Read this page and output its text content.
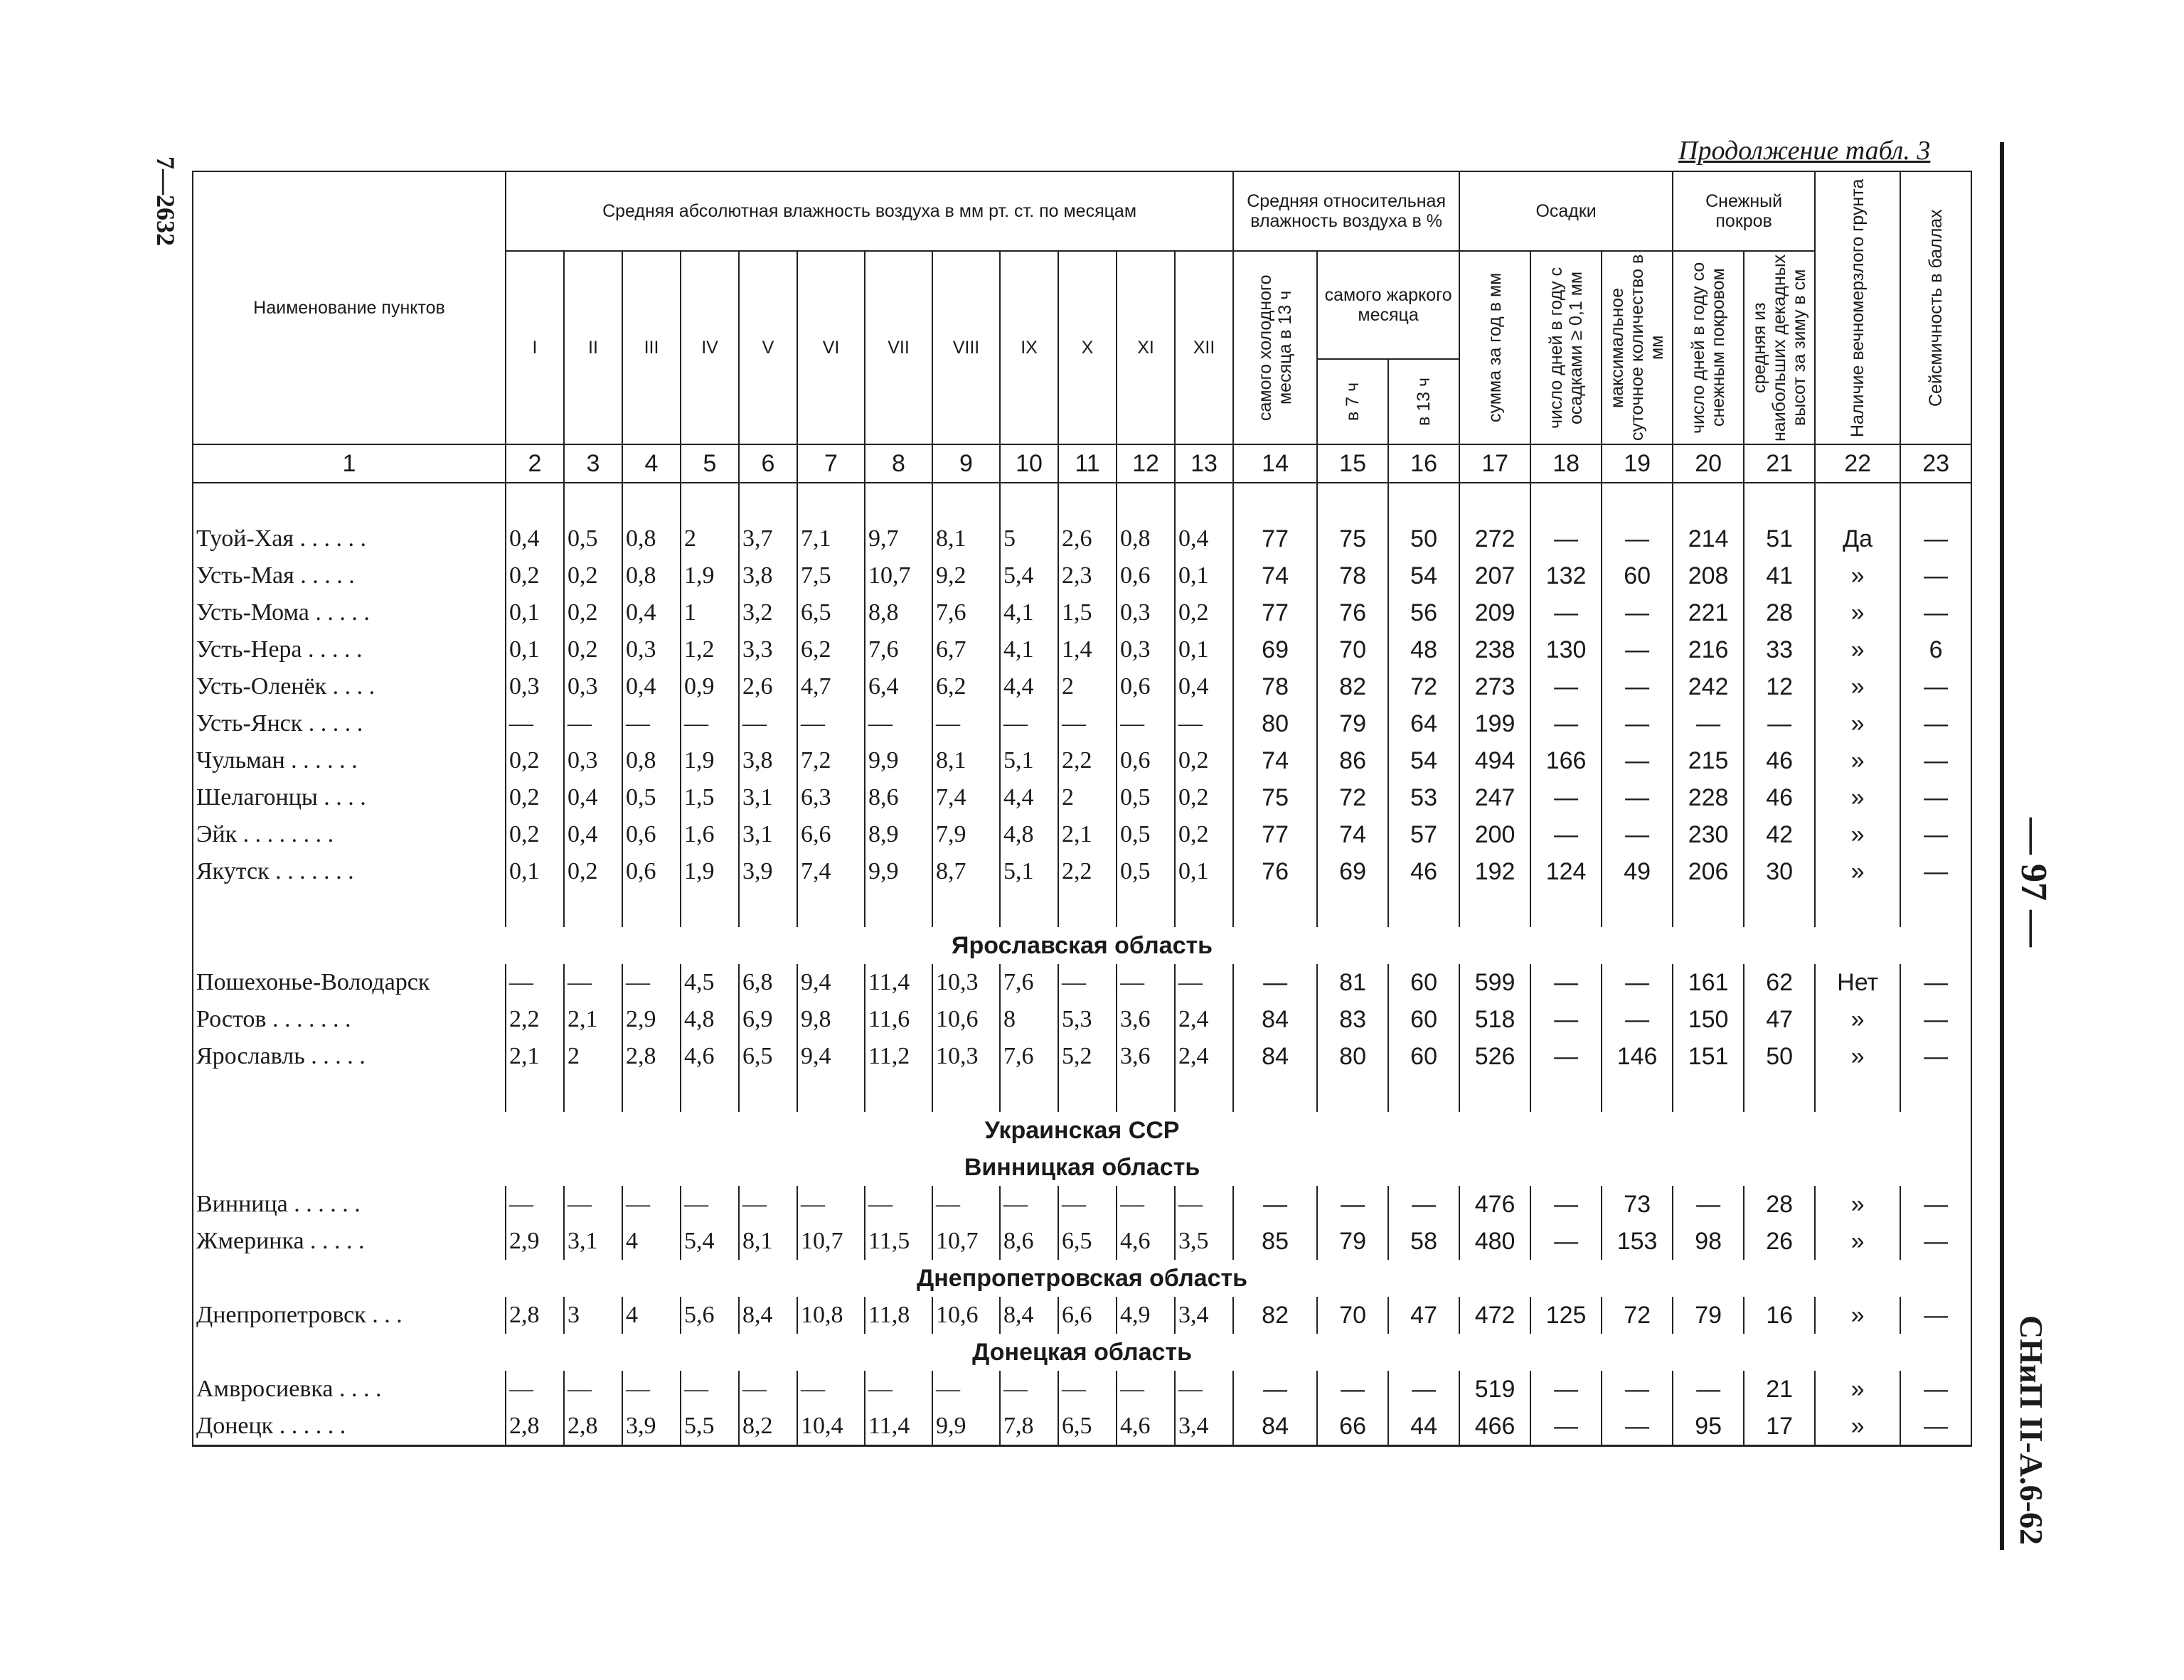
Продолжение табл. 3
7—2632
— 97 —
СНиП II-А.6-62
Наименование пунктов	Средняя абсолютная влажность воздуха в мм рт. ст. по месяцам												Средняя относительная влажность воздуха в %			Осадки			Снежный покров		Наличие вечномерзлого грунта	Сейсмичность в баллах
	I	II	III	IV	V	VI	VII	VIII	IX	X	XI	XII	самого холодного месяца в 13 ч	самого жаркого месяца		сумма за год в мм	число дней в году с осадками ≥ 0,1 мм	максимальное суточное количество в мм	число дней в году со снежным покровом	средняя из наибольших декадных высот за зиму в см		
														в 7 ч	в 13 ч							
1	2	3	4	5	6	7	8	9	10	11	12	13	14	15	16	17	18	19	20	21	22	23

Туой-Хая . . . . . .	0,4	0,5	0,8	2	3,7	7,1	9,7	8,1	5	2,6	0,8	0,4	77	75	50	272	—	—	214	51	Да	—
Усть-Мая . . . . .	0,2	0,2	0,8	1,9	3,8	7,5	10,7	9,2	5,4	2,3	0,6	0,1	74	78	54	207	132	60	208	41	»	—
Усть-Мома . . . . .	0,1	0,2	0,4	1	3,2	6,5	8,8	7,6	4,1	1,5	0,3	0,2	77	76	56	209	—	—	221	28	»	—
Усть-Нера . . . . .	0,1	0,2	0,3	1,2	3,3	6,2	7,6	6,7	4,1	1,4	0,3	0,1	69	70	48	238	130	—	216	33	»	6
Усть-Оленёк . . . .	0,3	0,3	0,4	0,9	2,6	4,7	6,4	6,2	4,4	2	0,6	0,4	78	82	72	273	—	—	242	12	»	—
Усть-Янск . . . . .	—	—	—	—	—	—	—	—	—	—	—	—	80	79	64	199	—	—	—	—	»	—
Чульман . . . . . .	0,2	0,3	0,8	1,9	3,8	7,2	9,9	8,1	5,1	2,2	0,6	0,2	74	86	54	494	166	—	215	46	»	—
Шелагонцы . . . .	0,2	0,4	0,5	1,5	3,1	6,3	8,6	7,4	4,4	2	0,5	0,2	75	72	53	247	—	—	228	46	»	—
Эйк . . . . . . . .	0,2	0,4	0,6	1,6	3,1	6,6	8,9	7,9	4,8	2,1	0,5	0,2	77	74	57	200	—	—	230	42	»	—
Якутск . . . . . . .	0,1	0,2	0,6	1,9	3,9	7,4	9,9	8,7	5,1	2,2	0,5	0,1	76	69	46	192	124	49	206	30	»	—

Ярославская область																						
Пошехонье-Володарск	—	—	—	4,5	6,8	9,4	11,4	10,3	7,6	—	—	—	—	81	60	599	—	—	161	62	Нет	—
Ростов . . . . . . .	2,2	2,1	2,9	4,8	6,9	9,8	11,6	10,6	8	5,3	3,6	2,4	84	83	60	518	—	—	150	47	»	—
Ярославль . . . . .	2,1	2	2,8	4,6	6,5	9,4	11,2	10,3	7,6	5,2	3,6	2,4	84	80	60	526	—	146	151	50	»	—

Украинская ССР																						
Винницкая область																						
Винница . . . . . .	—	—	—	—	—	—	—	—	—	—	—	—	—	—	—	476	—	73	—	28	»	—
Жмеринка . . . . .	2,9	3,1	4	5,4	8,1	10,7	11,5	10,7	8,6	6,5	4,6	3,5	85	79	58	480	—	153	98	26	»	—
Днепропетровская область																						
Днепропетровск . . .	2,8	3	4	5,6	8,4	10,8	11,8	10,6	8,4	6,6	4,9	3,4	82	70	47	472	125	72	79	16	»	—
Донецкая область																						
Амвросиевка . . . .	—	—	—	—	—	—	—	—	—	—	—	—	—	—	—	519	—	—	—	21	»	—
Донецк . . . . . .	2,8	2,8	3,9	5,5	8,2	10,4	11,4	9,9	7,8	6,5	4,6	3,4	84	66	44	466	—	—	95	17	»	—
